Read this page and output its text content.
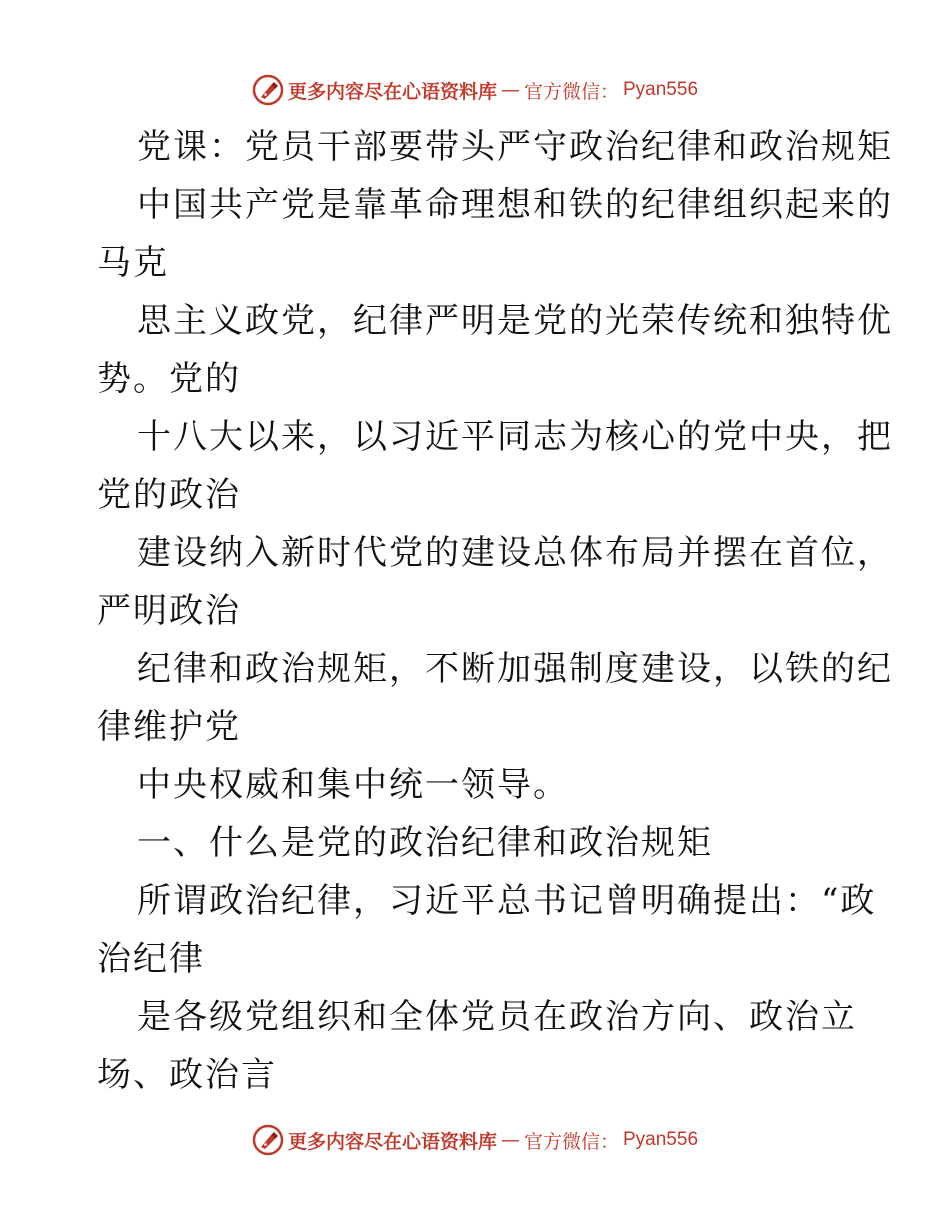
更多内容尽在心语资料库 — 官方微信： Pyan556
党课：党员干部要带头严守政治纪律和政治规矩
中国共产党是靠革命理想和铁的纪律组织起来的
马克
思主义政党，纪律严明是党的光荣传统和独特优
势。党的
十八大以来，以习近平同志为核心的党中央，把
党的政治
建设纳入新时代党的建设总体布局并摆在首位，
严明政治
纪律和政治规矩，不断加强制度建设，以铁的纪
律维护党
中央权威和集中统一领导。
一、什么是党的政治纪律和政治规矩
所谓政治纪律，习近平总书记曾明确提出：“政
治纪律
是各级党组织和全体党员在政治方向、政治立
场、政治言
更多内容尽在心语资料库 — 官方微信： Pyan556
